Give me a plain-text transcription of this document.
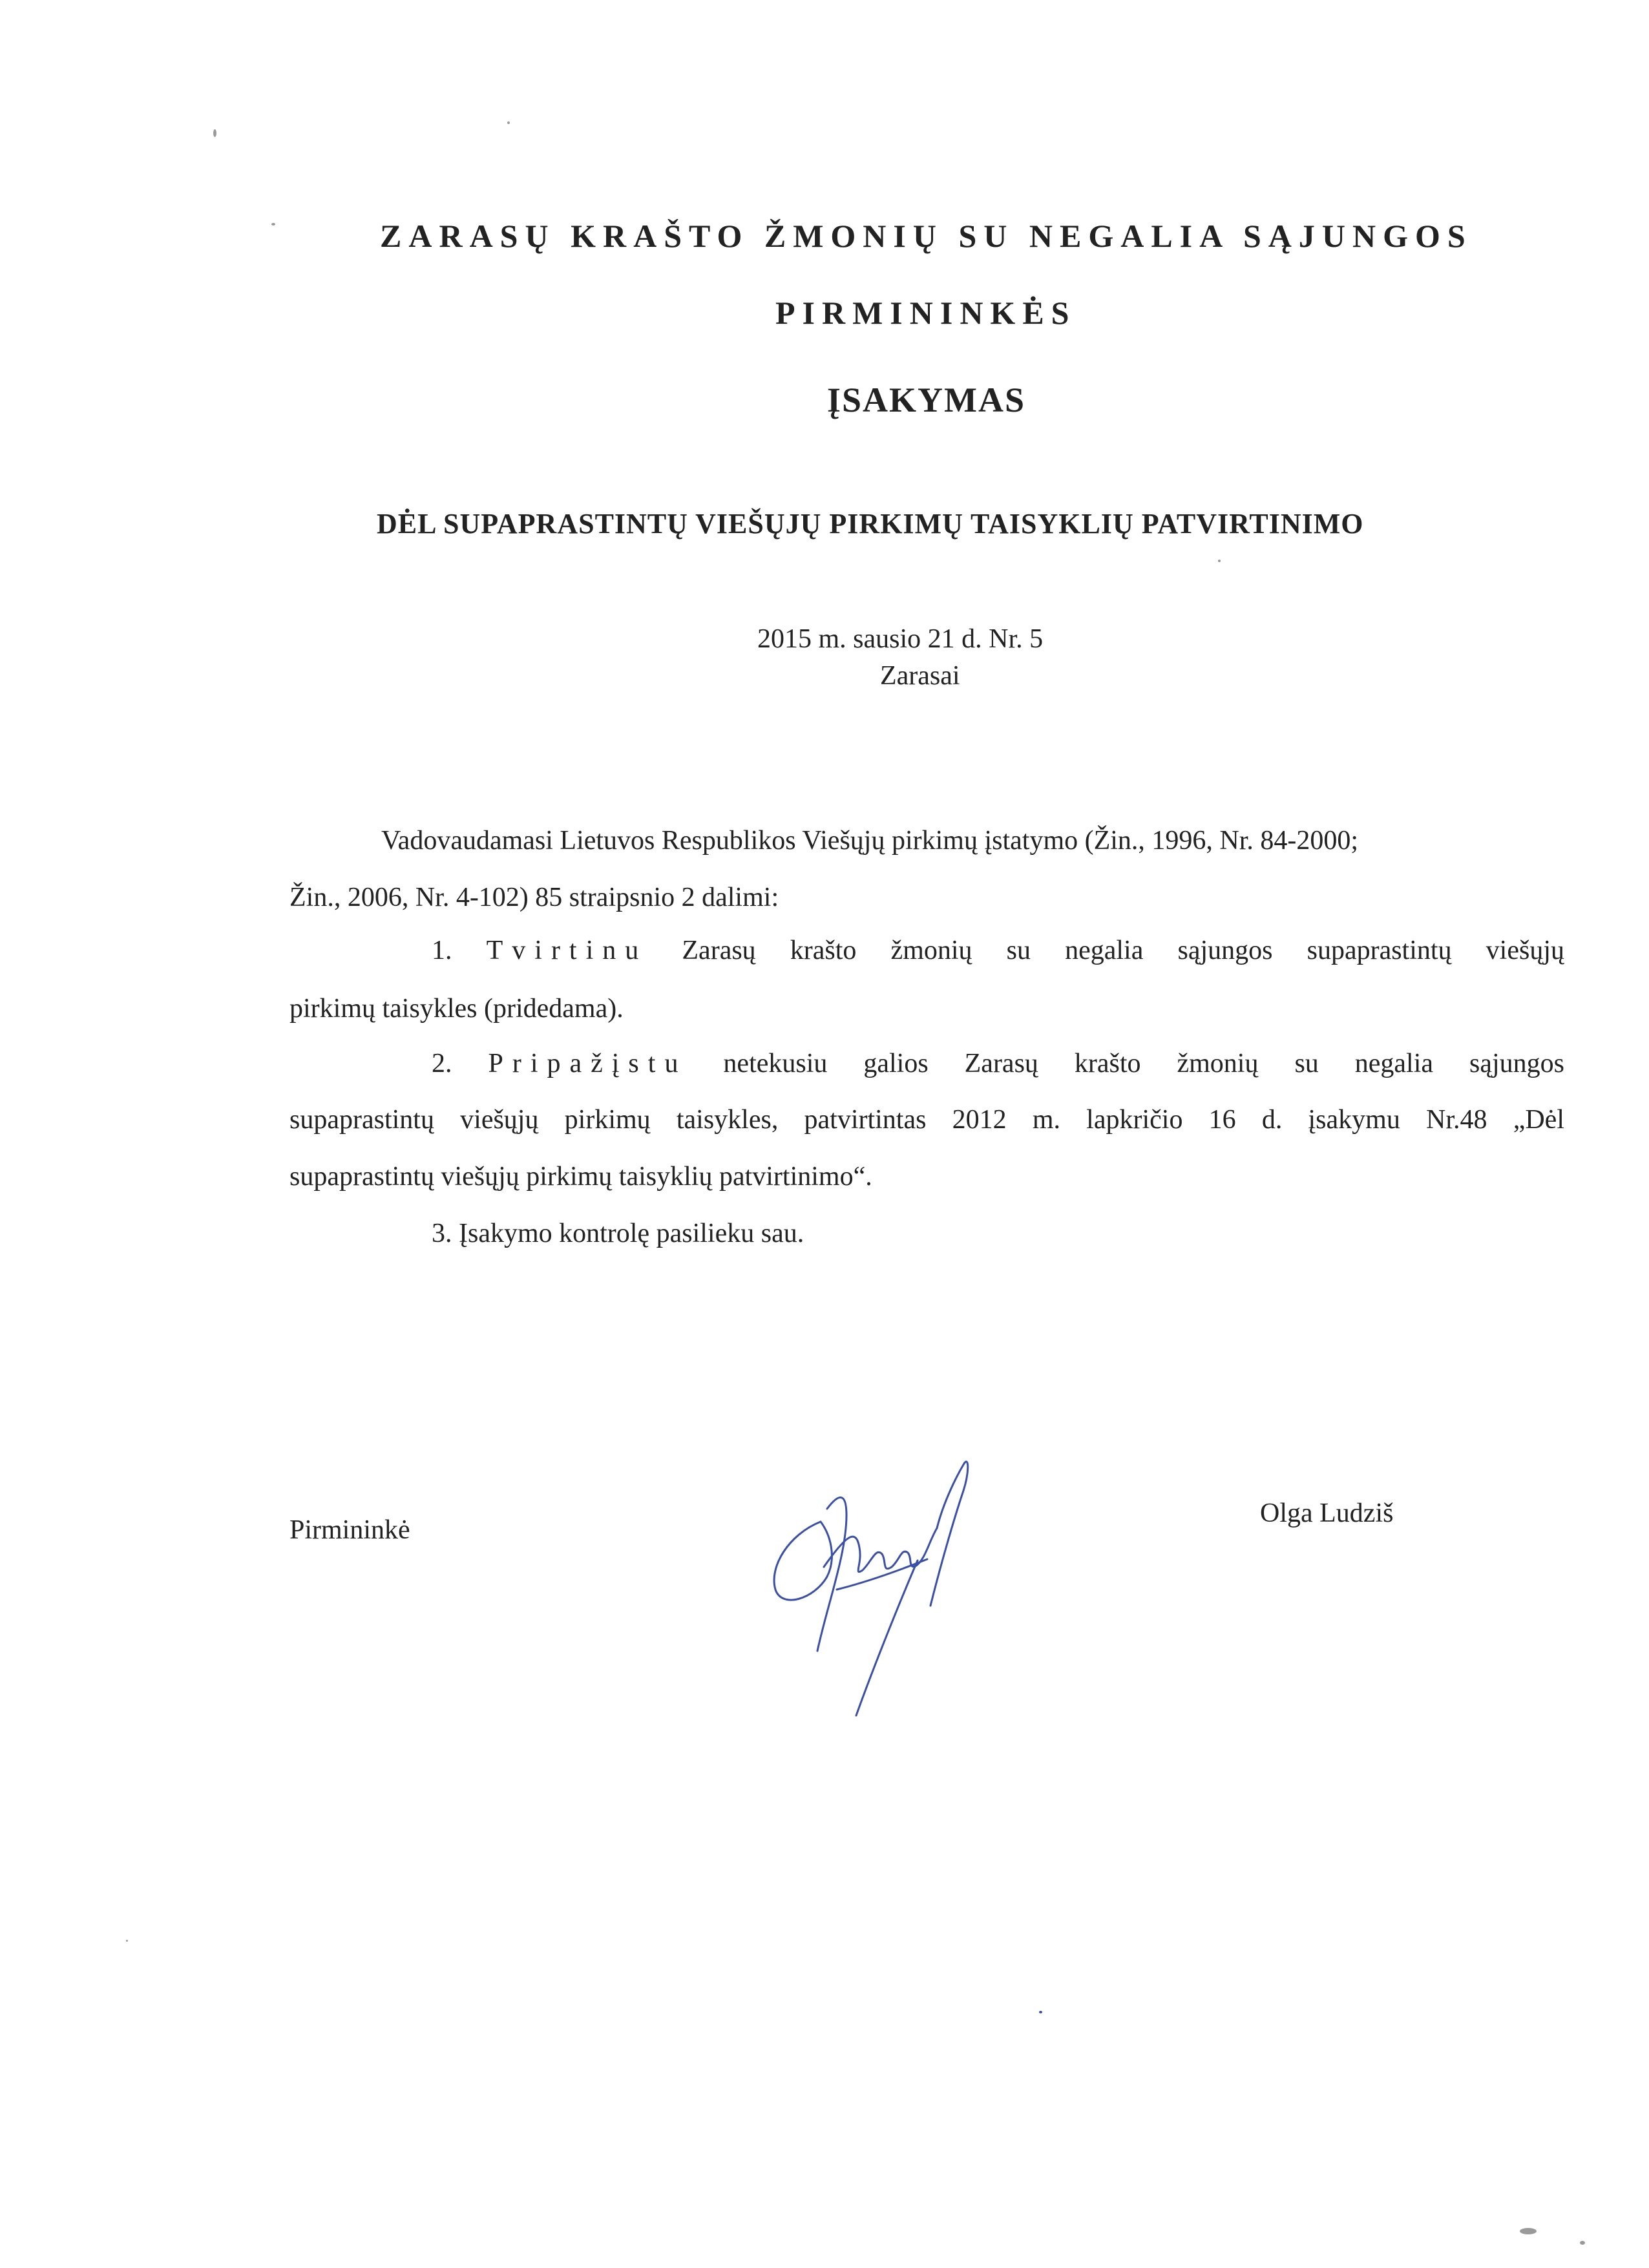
ZARASŲ KRAŠTO ŽMONIŲ SU NEGALIA SĄJUNGOS

PIRMININKĖS

ĮSAKYMAS

DĖL SUPAPRASTINTŲ VIEŠŲJŲ PIRKIMŲ TAISYKLIŲ PATVIRTINIMO

2015 m. sausio 21 d. Nr. 5

Zarasai

Vadovaudamasi Lietuvos Respublikos Viešųjų pirkimų įstatymo (Žin., 1996, Nr. 84-2000;

Žin., 2006, Nr. 4-102) 85 straipsnio 2 dalimi:

1. Tvirtinu Zarasų krašto žmonių su negalia sąjungos supaprastintų viešųjų

pirkimų taisykles (pridedama).

2. Pripažįstu netekusiu galios Zarasų krašto žmonių su negalia sąjungos

supaprastintų viešųjų pirkimų taisykles, patvirtintas 2012 m. lapkričio 16 d. įsakymu Nr.48 „Dėl

supaprastintų viešųjų pirkimų taisyklių patvirtinimo“.

3. Įsakymo kontrolę pasilieku sau.

Pirmininkė

Olga Ludziš
